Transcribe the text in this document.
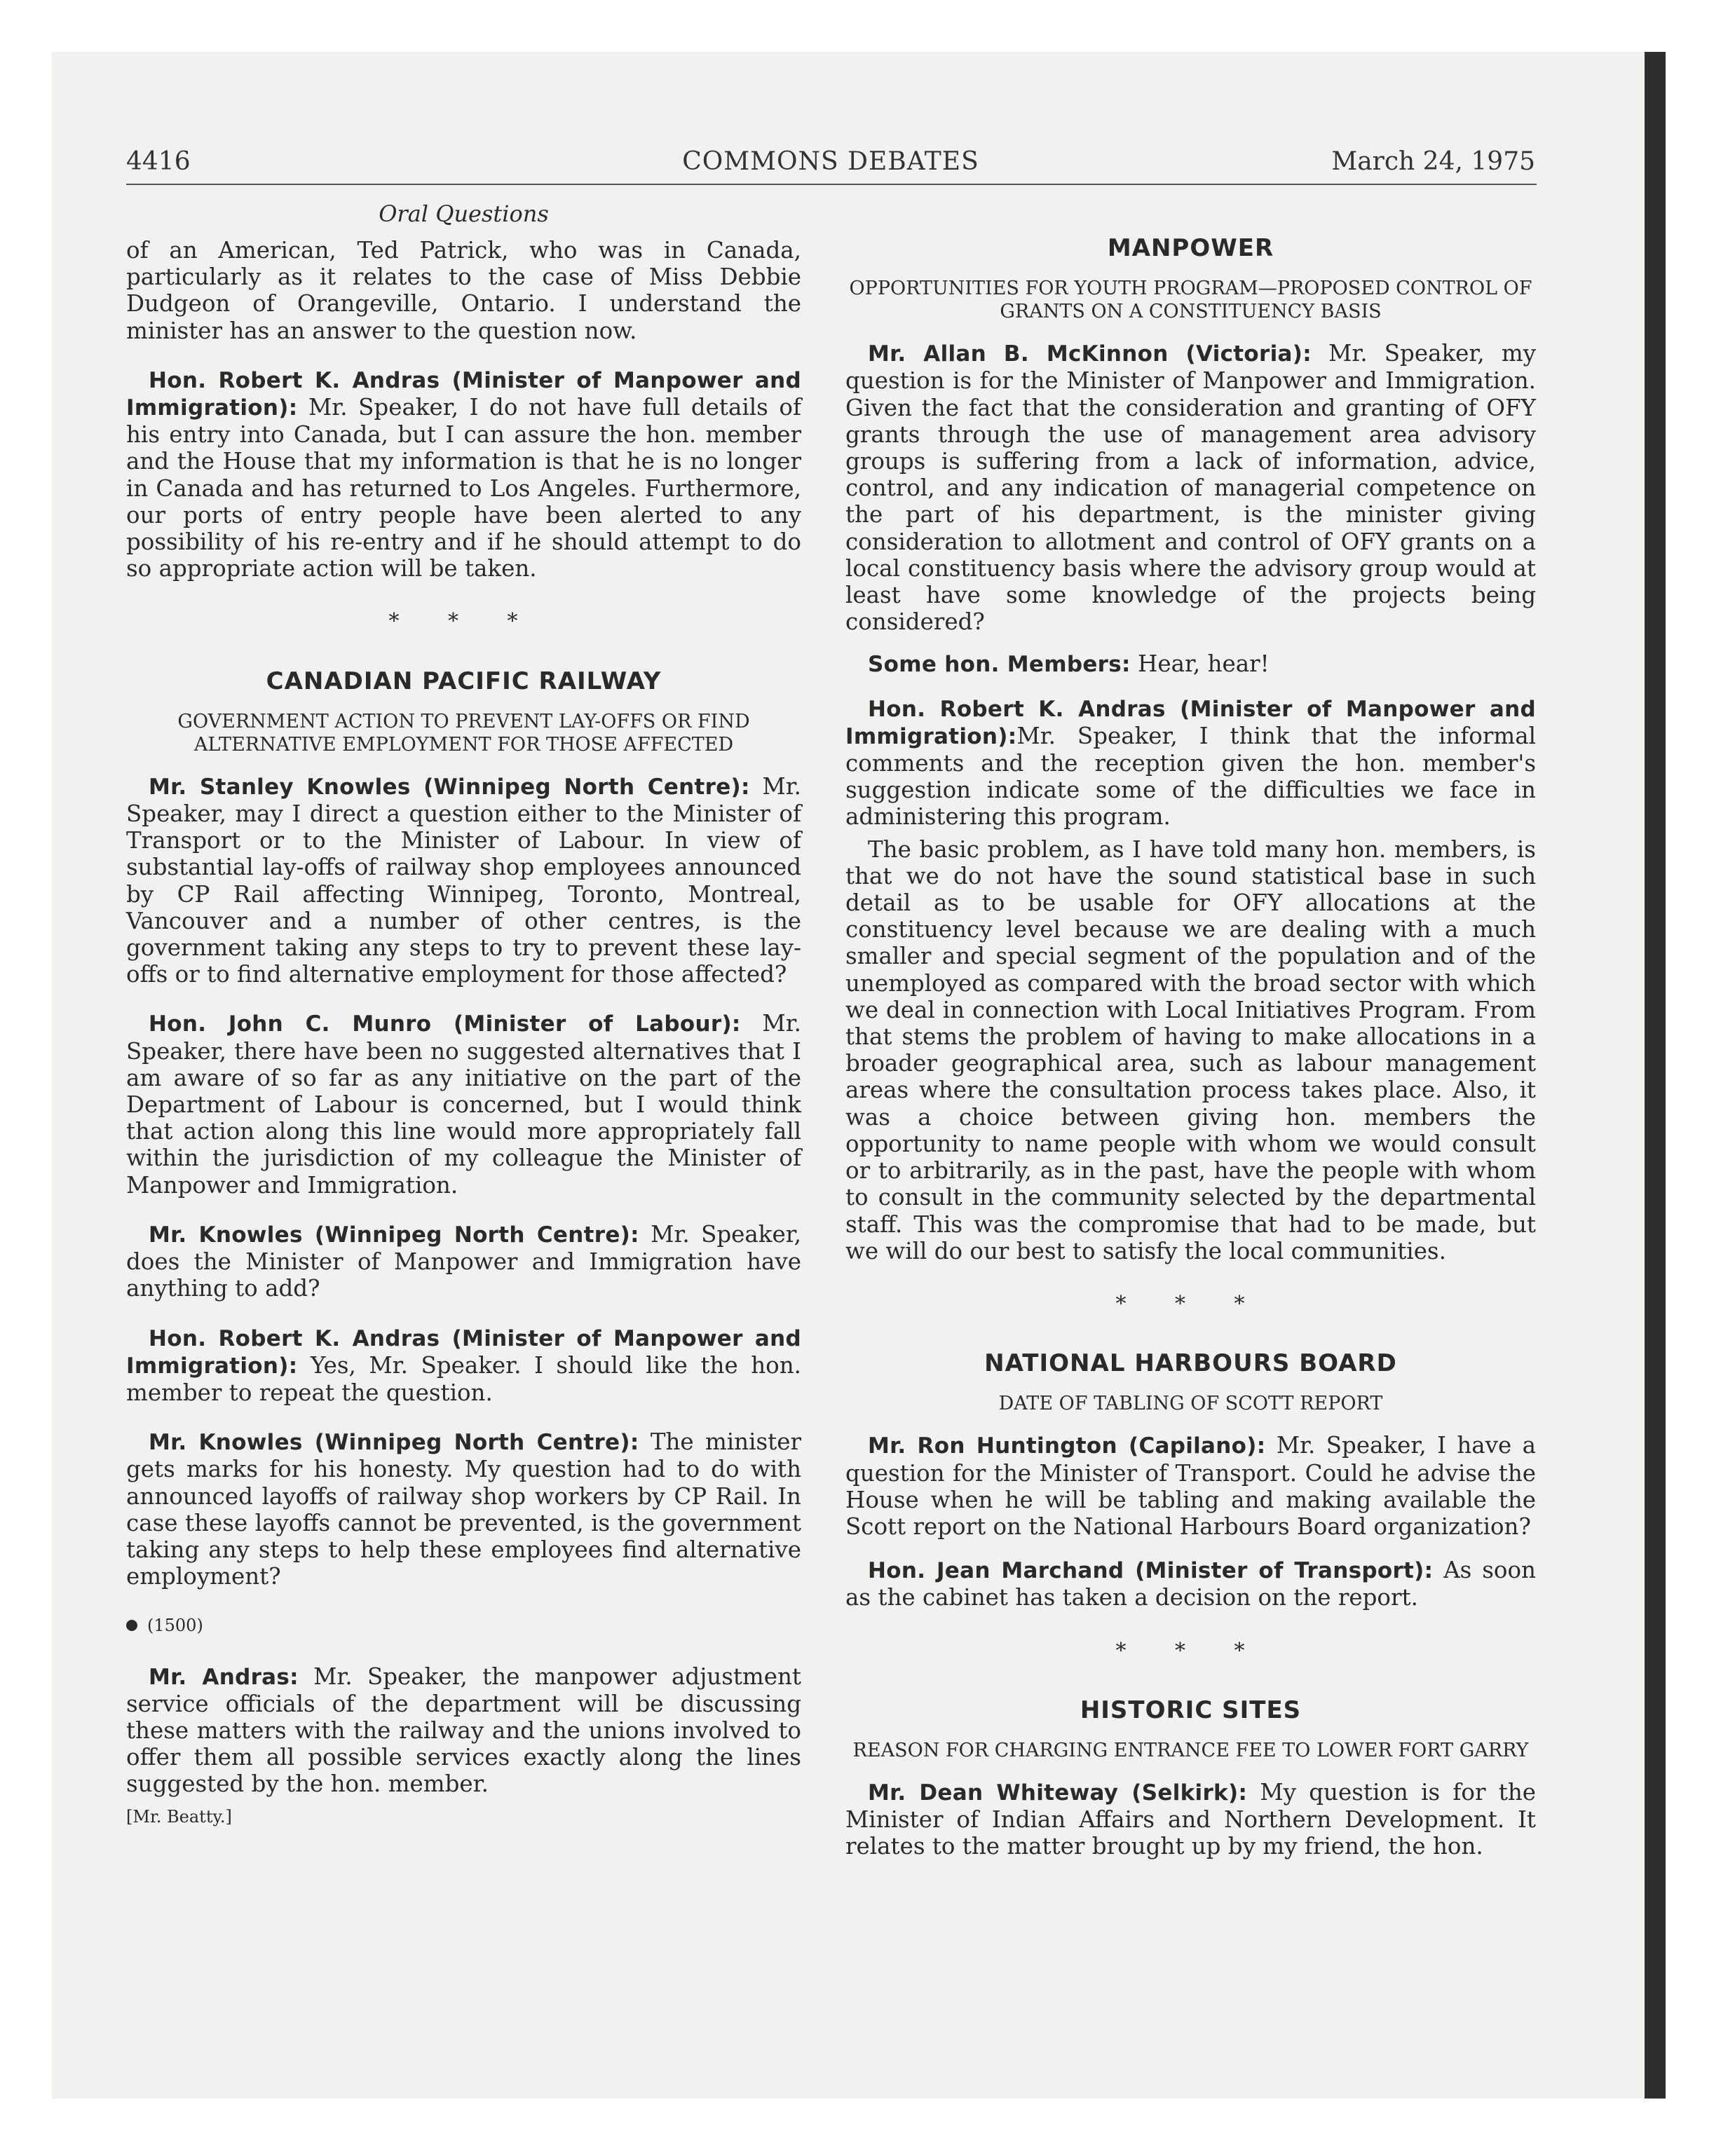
4416	COMMONS DEBATES	March 24, 1975
Oral Questions

of an American, Ted Patrick, who was in Canada, particularly as it relates to the case of Miss Debbie Dudgeon of Orangeville, Ontario. I understand the minister has an answer to the question now.

Hon. Robert K. Andras (Minister of Manpower and Immigration): Mr. Speaker, I do not have full details of his entry into Canada, but I can assure the hon. member and the House that my information is that he is no longer in Canada and has returned to Los Angeles. Furthermore, our ports of entry people have been alerted to any possibility of his re-entry and if he should attempt to do so appropriate action will be taken.

* * *
CANADIAN PACIFIC RAILWAY
GOVERNMENT ACTION TO PREVENT LAY-OFFS OR FIND ALTERNATIVE EMPLOYMENT FOR THOSE AFFECTED

Mr. Stanley Knowles (Winnipeg North Centre): Mr. Speaker, may I direct a question either to the Minister of Transport or to the Minister of Labour. In view of substantial lay-offs of railway shop employees announced by CP Rail affecting Winnipeg, Toronto, Montreal, Vancouver and a number of other centres, is the government taking any steps to try to prevent these lay-offs or to find alternative employment for those affected?

Hon. John C. Munro (Minister of Labour): Mr. Speaker, there have been no suggested alternatives that I am aware of so far as any initiative on the part of the Department of Labour is concerned, but I would think that action along this line would more appropriately fall within the jurisdiction of my colleague the Minister of Manpower and Immigration.

Mr. Knowles (Winnipeg North Centre): Mr. Speaker, does the Minister of Manpower and Immigration have anything to add?

Hon. Robert K. Andras (Minister of Manpower and Immigration): Yes, Mr. Speaker. I should like the hon. member to repeat the question.

Mr. Knowles (Winnipeg North Centre): The minister gets marks for his honesty. My question had to do with announced layoffs of railway shop workers by CP Rail. In case these layoffs cannot be prevented, is the government taking any steps to help these employees find alternative employment?

(1500)

Mr. Andras: Mr. Speaker, the manpower adjustment service officials of the department will be discussing these matters with the railway and the unions involved to offer them all possible services exactly along the lines suggested by the hon. member.

[Mr. Beatty.]
MANPOWER
OPPORTUNITIES FOR YOUTH PROGRAM—PROPOSED CONTROL OF GRANTS ON A CONSTITUENCY BASIS

Mr. Allan B. McKinnon (Victoria): Mr. Speaker, my question is for the Minister of Manpower and Immigration. Given the fact that the consideration and granting of OFY grants through the use of management area advisory groups is suffering from a lack of information, advice, control, and any indication of managerial competence on the part of his department, is the minister giving consideration to allotment and control of OFY grants on a local constituency basis where the advisory group would at least have some knowledge of the projects being considered?

Some hon. Members: Hear, hear!

Hon. Robert K. Andras (Minister of Manpower and Immigration):Mr. Speaker, I think that the informal comments and the reception given the hon. member's suggestion indicate some of the difficulties we face in administering this program.

The basic problem, as I have told many hon. members, is that we do not have the sound statistical base in such detail as to be usable for OFY allocations at the constituency level because we are dealing with a much smaller and special segment of the population and of the unemployed as compared with the broad sector with which we deal in connection with Local Initiatives Program. From that stems the problem of having to make allocations in a broader geographical area, such as labour management areas where the consultation process takes place. Also, it was a choice between giving hon. members the opportunity to name people with whom we would consult or to arbitrarily, as in the past, have the people with whom to consult in the community selected by the departmental staff. This was the compromise that had to be made, but we will do our best to satisfy the local communities.

* * *
NATIONAL HARBOURS BOARD
DATE OF TABLING OF SCOTT REPORT

Mr. Ron Huntington (Capilano): Mr. Speaker, I have a question for the Minister of Transport. Could he advise the House when he will be tabling and making available the Scott report on the National Harbours Board organization?

Hon. Jean Marchand (Minister of Transport): As soon as the cabinet has taken a decision on the report.

* * *
HISTORIC SITES
REASON FOR CHARGING ENTRANCE FEE TO LOWER FORT GARRY

Mr. Dean Whiteway (Selkirk): My question is for the Minister of Indian Affairs and Northern Development. It relates to the matter brought up by my friend, the hon.
